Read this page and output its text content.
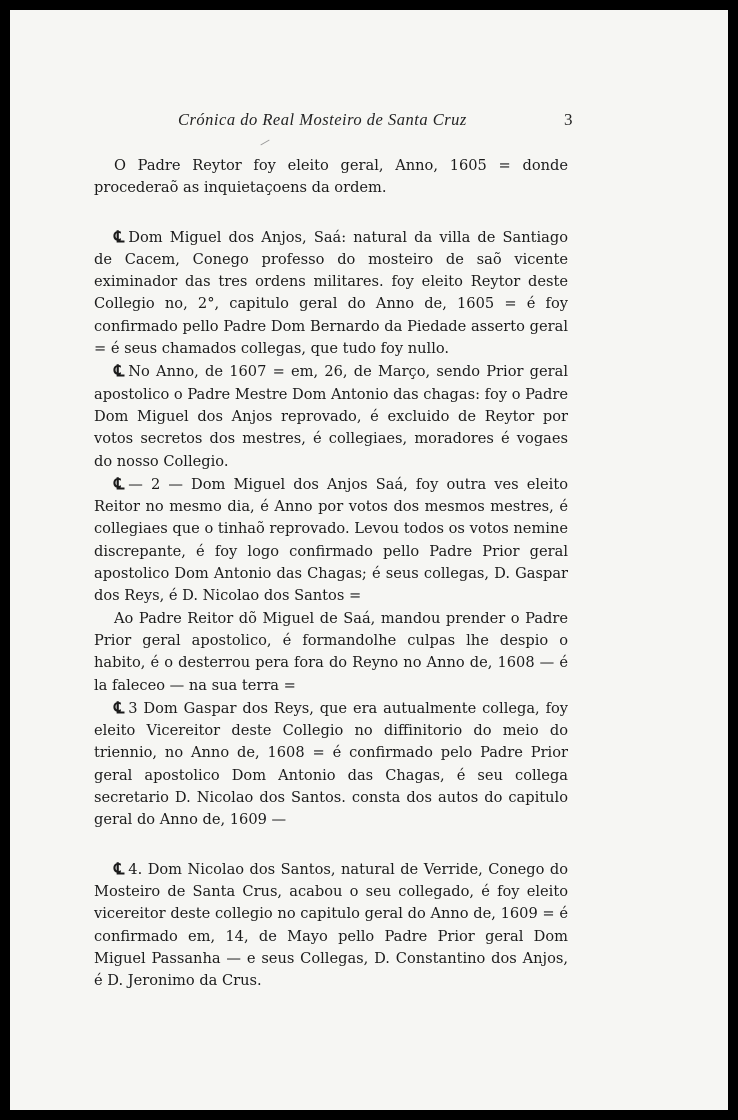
Crónica do Real Mosteiro de Santa Cruz	3

O Padre Reytor foy eleito geral, Anno, 1605 = donde procederaõ as inquietaçoens da ordem.

℄ Dom Miguel dos Anjos, Saá: natural da villa de Santiago de Cacem, Conego professo do mosteiro de saõ vicente eximinador das tres ordens militares. foy eleito Reytor deste Collegio no, 2°, capitulo geral do Anno de, 1605 = é foy confirmado pello Padre Dom Bernardo da Piedade asserto geral = é seus chamados collegas, que tudo foy nullo.

℄ No Anno, de 1607 = em, 26, de Março, sendo Prior geral apostolico o Padre Mestre Dom Antonio das chagas: foy o Padre Dom Miguel dos Anjos reprovado, é excluido de Reytor por votos secretos dos mestres, é collegiaes, moradores é vogaes do nosso Collegio.

℄ — 2 — Dom Miguel dos Anjos Saá, foy outra ves eleito Reitor no mesmo dia, é Anno por votos dos mesmos mestres, é collegiaes que o tinhaõ reprovado. Levou todos os votos nemine discrepante, é foy logo confirmado pello Padre Prior geral apostolico Dom Antonio das Chagas; é seus collegas, D. Gaspar dos Reys, é D. Nicolao dos Santos =

Ao Padre Reitor dõ Miguel de Saá, mandou prender o Padre Prior geral apostolico, é formandolhe culpas lhe despio o habito, é o desterrou pera fora do Reyno no Anno de, 1608 — é la faleceo — na sua terra =

℄ 3 Dom Gaspar dos Reys, que era autualmente collega, foy eleito Vicereitor deste Collegio no diffinitorio do meio do triennio, no Anno de, 1608 = é confirmado pelo Padre Prior geral apostolico Dom Antonio das Chagas, é seu collega secretario D. Nicolao dos Santos. consta dos autos do capitulo geral do Anno de, 1609 —

℄ 4. Dom Nicolao dos Santos, natural de Verride, Conego do Mosteiro de Santa Crus, acabou o seu collegado, é foy eleito vicereitor deste collegio no capitulo geral do Anno de, 1609 = é confirmado em, 14, de Mayo pello Padre Prior geral Dom Miguel Passanha — e seus Collegas, D. Constantino dos Anjos, é D. Jeronimo da Crus.
